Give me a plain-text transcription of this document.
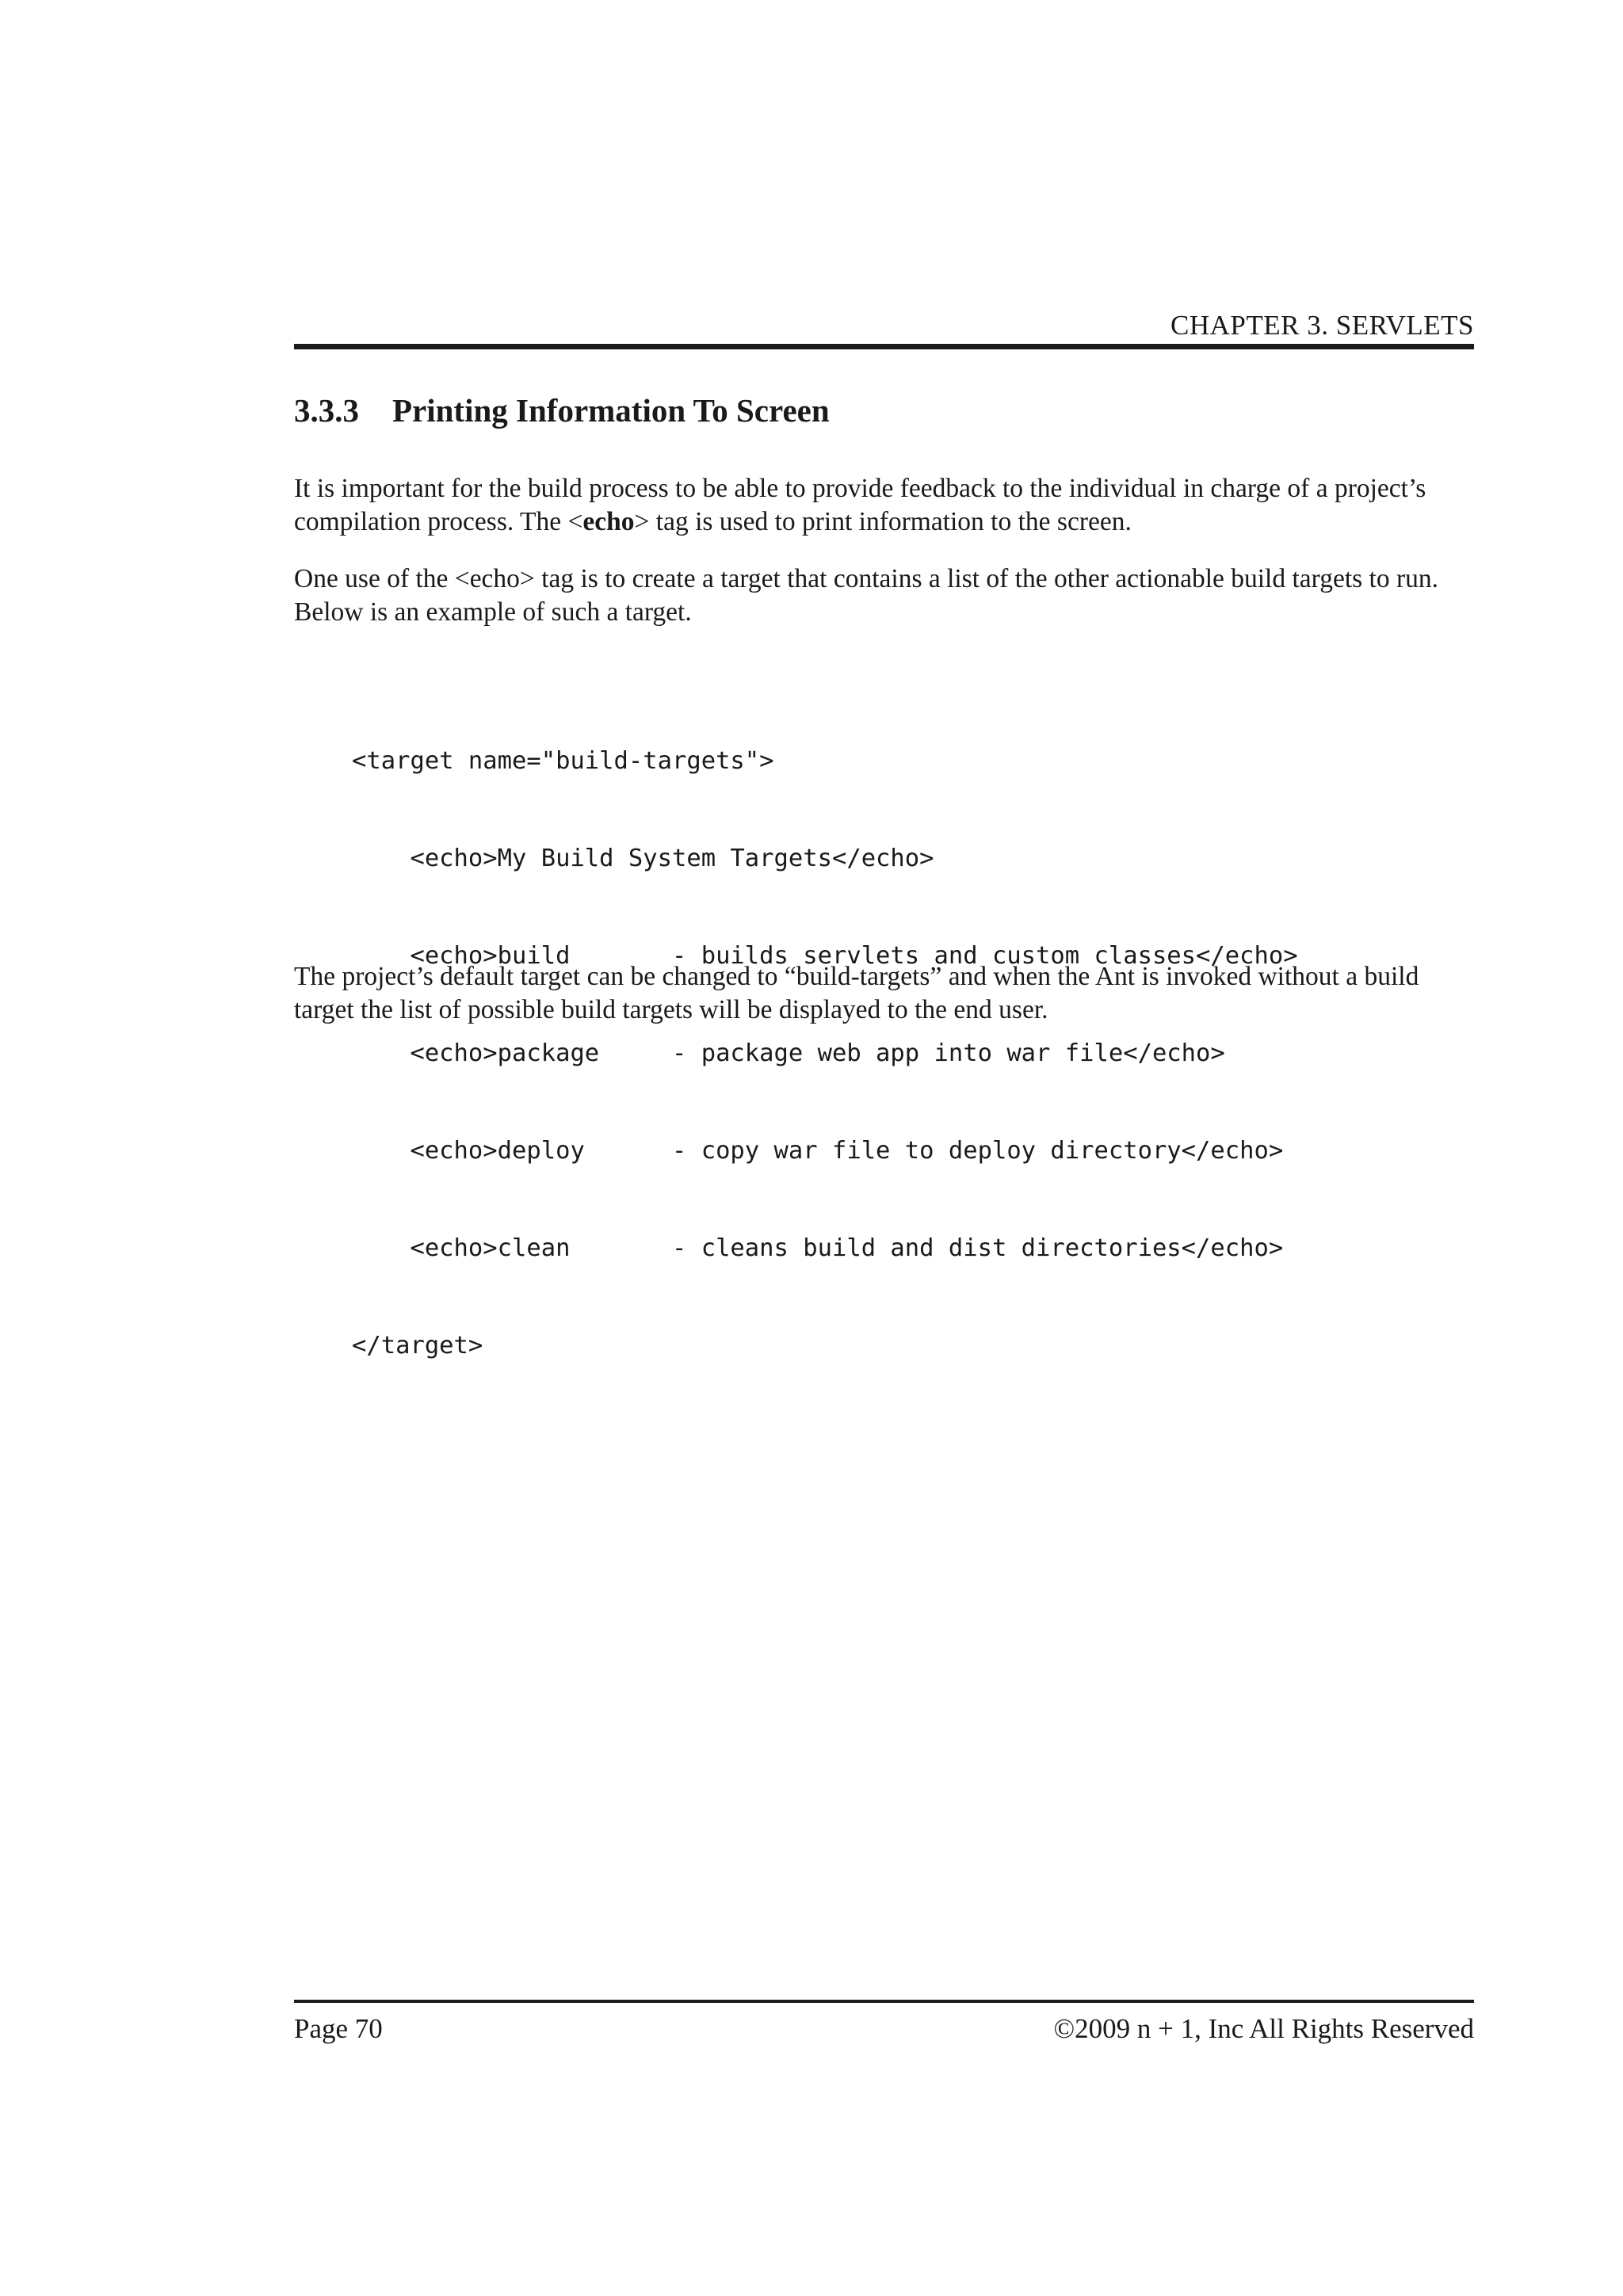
CHAPTER 3. SERVLETS
3.3.3 Printing Information To Screen

It is important for the build process to be able to provide feedback to the individual in charge of a project’s compilation process. The <echo> tag is used to print information to the screen.

One use of the <echo> tag is to create a target that contains a list of the other actionable build targets to run. Below is an example of such a target.

<target name="build-targets">

<echo>My Build System Targets</echo>

<echo>build       - builds servlets and custom classes</echo>

<echo>package     - package web app into war file</echo>

<echo>deploy      - copy war file to deploy directory</echo>

<echo>clean       - cleans build and dist directories</echo>

</target>

The project’s default target can be changed to “build-targets” and when the Ant is invoked without a build target the list of possible build targets will be displayed to the end user.

Page 70	©2009 n + 1, Inc All Rights Reserved
